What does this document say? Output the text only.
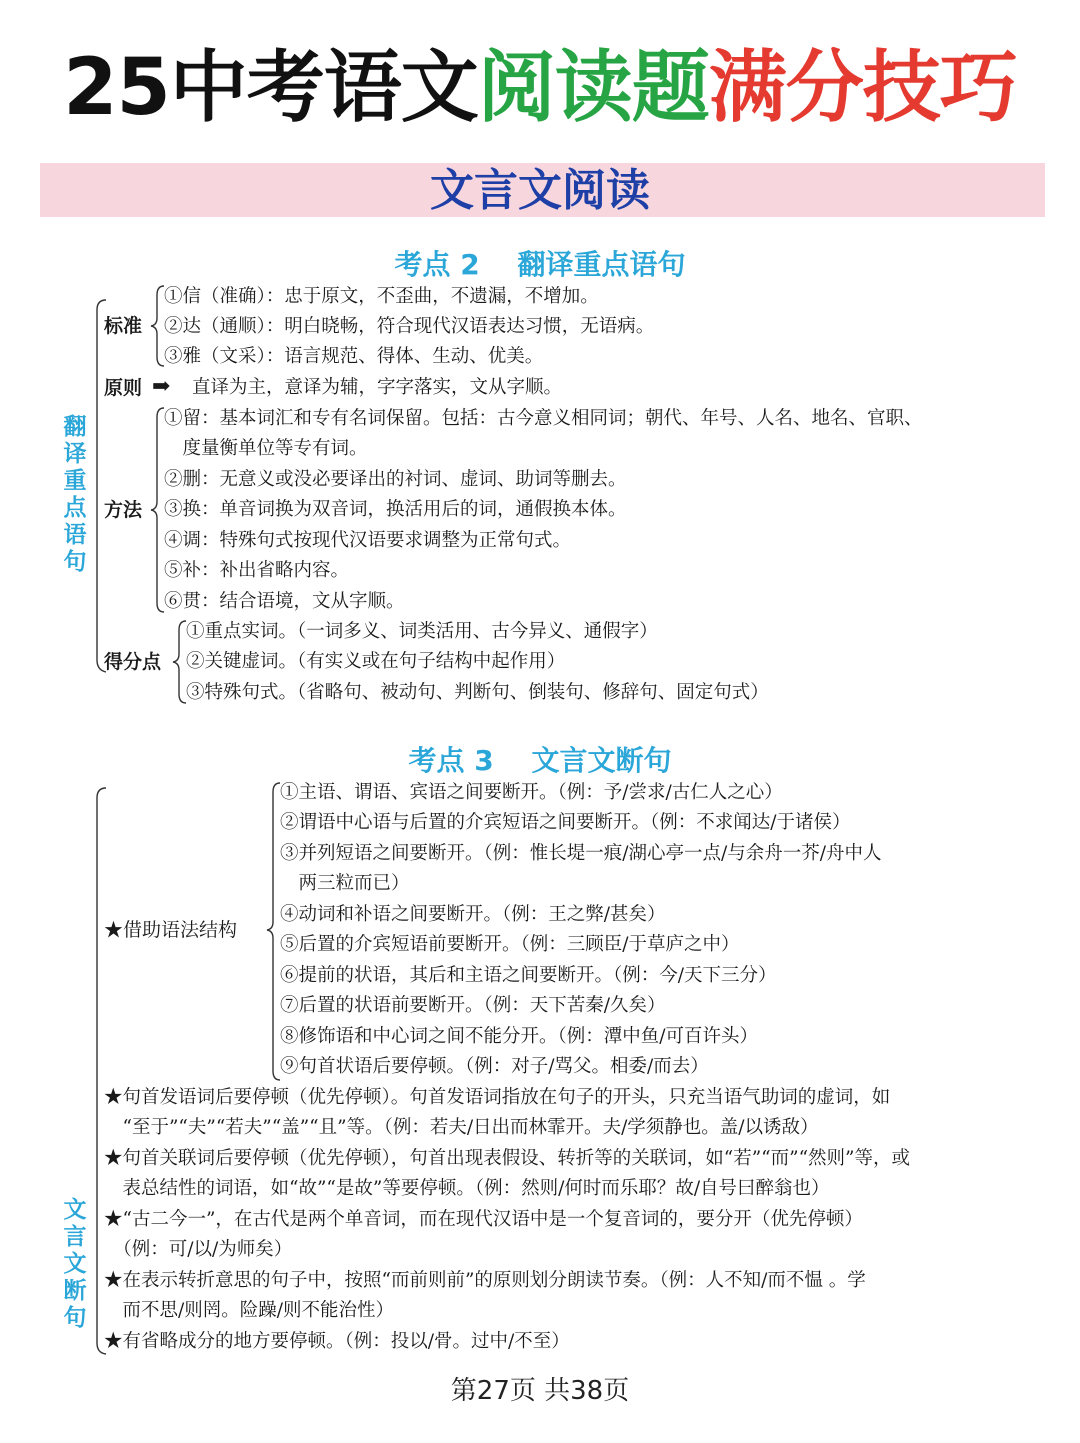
25中考语文阅读题满分技巧
文言文阅读
考点 2　 翻译重点语句
翻
译
重
点
语
句
标准
①信（准确）：忠于原文，不歪曲，不遗漏，不增加。
②达（通顺）：明白晓畅，符合现代汉语表达习惯，无语病。
③雅（文采）：语言规范、得体、生动、优美。
原则 ➡ 直译为主，意译为辅，字字落实，文从字顺。
方法
①留：基本词汇和专有名词保留。包括：古今意义相同词；朝代、年号、人名、地名、官职、
　度量衡单位等专有词。
②删：无意义或没必要译出的衬词、虚词、助词等删去。
③换：单音词换为双音词，换活用后的词，通假换本体。
④调：特殊句式按现代汉语要求调整为正常句式。
⑤补：补出省略内容。
⑥贯：结合语境，文从字顺。
得分点
①重点实词。（一词多义、词类活用、古今异义、通假字）
②关键虚词。（有实义或在句子结构中起作用）
③特殊句式。（省略句、被动句、判断句、倒装句、修辞句、固定句式）
考点 3　 文言文断句
文
言
文
断
句
★借助语法结构
①主语、谓语、宾语之间要断开。（例：予/尝求/古仁人之心）
②谓语中心语与后置的介宾短语之间要断开。（例：不求闻达/于诸侯）
③并列短语之间要断开。（例：惟长堤一痕/湖心亭一点/与余舟一芥/舟中人
　两三粒而已）
④动词和补语之间要断开。（例：王之弊/甚矣）
⑤后置的介宾短语前要断开。（例：三顾臣/于草庐之中）
⑥提前的状语，其后和主语之间要断开。（例：今/天下三分）
⑦后置的状语前要断开。（例：天下苦秦/久矣）
⑧修饰语和中心词之间不能分开。（例：潭中鱼/可百许头）
⑨句首状语后要停顿。（例：对子/骂父。相委/而去）
★句首发语词后要停顿（优先停顿）。句首发语词指放在句子的开头，只充当语气助词的虚词，如
　“至于”“夫”“若夫”“盖”“且”等。（例：若夫/日出而林霏开。夫/学须静也。盖/以诱敌）
★句首关联词后要停顿（优先停顿），句首出现表假设、转折等的关联词，如“若”“而”“然则”等，或
　表总结性的词语，如“故”“是故”等要停顿。（例：然则/何时而乐耶？故/自号曰醉翁也）
★“古二今一”，在古代是两个单音词，而在现代汉语中是一个复音词的，要分开（优先停顿）
　（例：可/以/为师矣）
★在表示转折意思的句子中，按照“而前则前”的原则划分朗读节奏。（例：人不知/而不愠 。学
　而不思/则罔。险躁/则不能治性）
★有省略成分的地方要停顿。（例：投以/骨。过中/不至）
第27页 共38页
